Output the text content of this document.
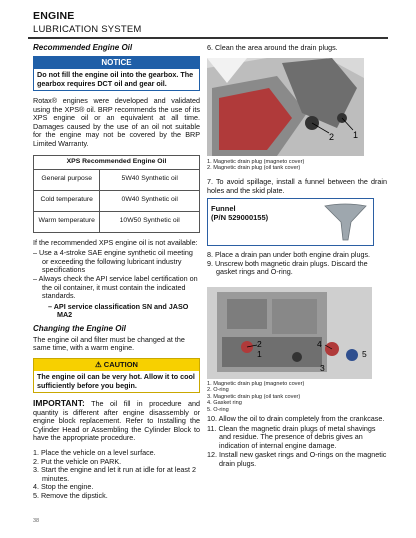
ENGINE
LUBRICATION SYSTEM
Recommended Engine Oil
NOTICE
Do not fill the engine oil into the gearbox. The gearbox requires DCT oil and gear oil.
Rotax® engines were developed and validated using the XPS® oil. BRP recommends the use of its XPS engine oil or an equivalent at all time. Damages caused by the use of an oil not suitable for the engine may not be covered by the BRP Limited Warranty.
XPS Recommended Engine Oil	
General purpose	5W40 Synthetic oil
Cold temperature	0W40 Synthetic oil
Warm temperature	10W50 Synthetic oil
If the recommended XPS engine oil is not available:
– Use a 4-stroke SAE engine synthetic oil meeting or exceeding the following lubricant industry specifications
– Always check the API service label certification on the oil container, it must contain the indicated standards.
– API service classification SN and JASO MA2
Changing the Engine Oil
The engine oil and filter must be changed at the same time, with a warm engine.
⚠ CAUTION
The engine oil can be very hot. Allow it to cool sufficiently before you begin.
IMPORTANT: The oil fill in procedure and quantity is different after engine disassembly or engine block replacement. Refer to Installing the Cylinder Head or Assembling the Cylinder Block to have the appropriate procedure.
1. Place the vehicle on a level surface.
2. Put the vehicle on PARK.
3. Start the engine and let it run at idle for at least 2 minutes.
4. Stop the engine.
5. Remove the dipstick.
6. Clean the area around the drain plugs.
2 1
1. Magnetic drain plug (magneto cover)
2. Magnetic drain plug (oil tank cover)
7. To avoid spillage, install a funnel between the drain holes and the skid plate.
Funnel
(P/N 529000155)
8. Place a drain pan under both engine drain plugs.
9. Unscrew both magnetic drain plugs. Discard the gasket rings and O-ring.
2
1
4
5
3
1. Magnetic drain plug (magneto cover)
2. O-ring
3. Magnetic drain plug (oil tank cover)
4. Gasket ring
5. O-ring
10. Allow the oil to drain completely from the crankcase.
11. Clean the magnetic drain plugs of metal shavings and residue. The presence of debris gives an indication of internal engine damage.
12. Install new gasket rings and O-rings on the magnetic drain plugs.
38
